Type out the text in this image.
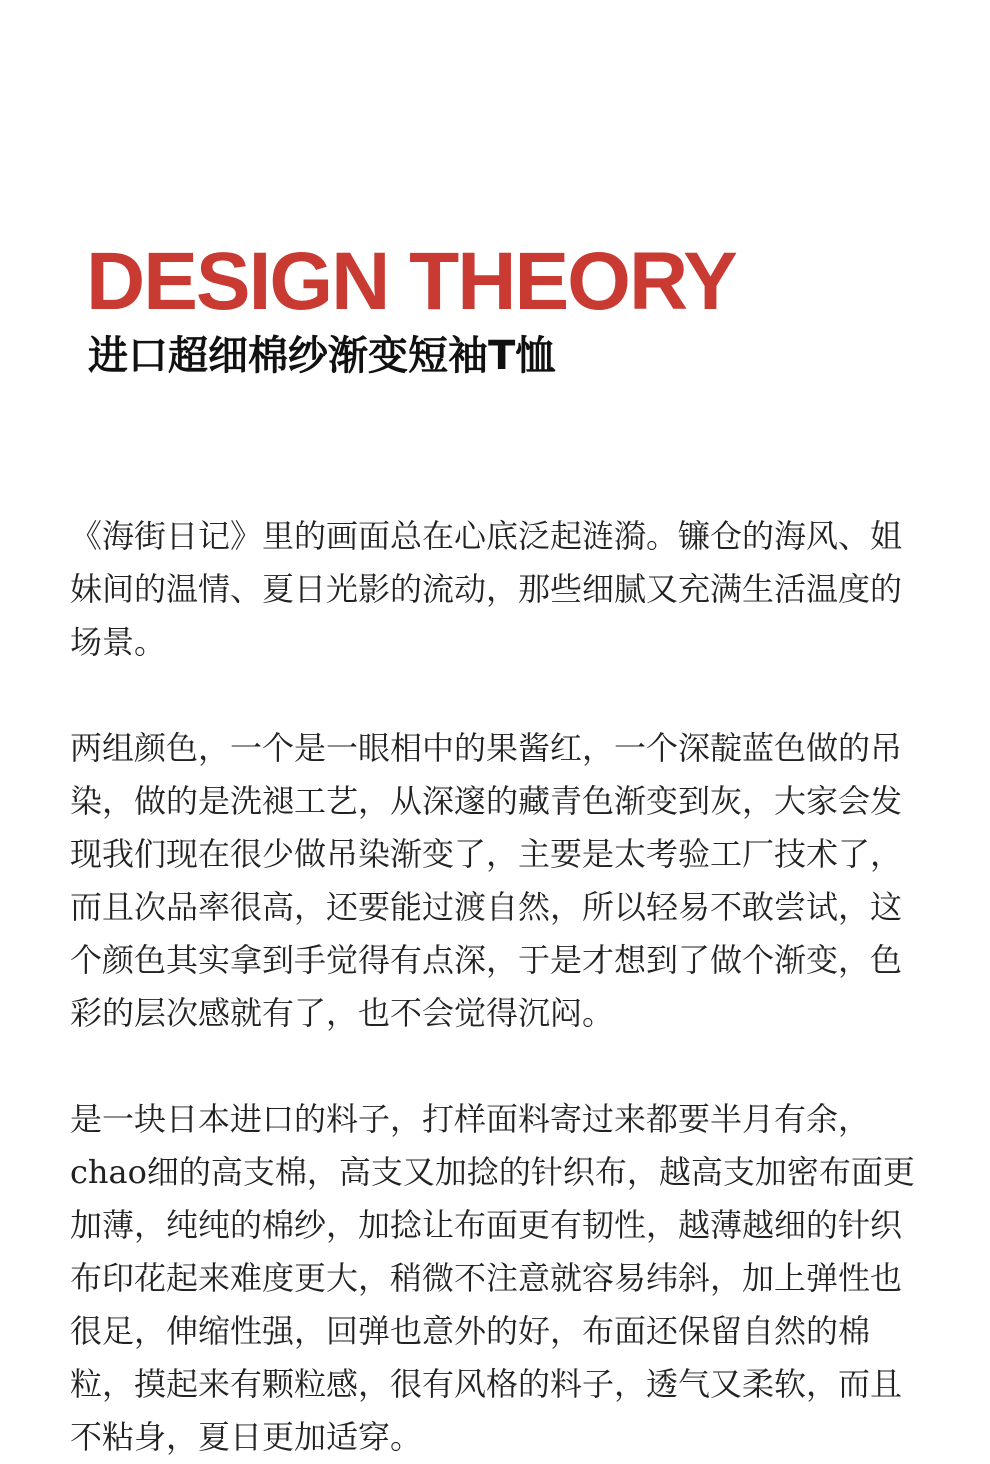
DESIGN THEORY
进口超细棉纱渐变短袖T恤

《海街日记》里的画面总在心底泛起涟漪。镰仓的海风、姐妹间的温情、夏日光影的流动，那些细腻又充满生活温度的场景。

两组颜色，一个是一眼相中的果酱红，一个深靛蓝色做的吊染，做的是洗褪工艺，从深邃的藏青色渐变到灰，大家会发现我们现在很少做吊染渐变了，主要是太考验工厂技术了，而且次品率很高，还要能过渡自然，所以轻易不敢尝试，这个颜色其实拿到手觉得有点深，于是才想到了做个渐变，色彩的层次感就有了，也不会觉得沉闷。

是一块日本进口的料子，打样面料寄过来都要半月有余，chao细的高支棉，高支又加捻的针织布，越高支加密布面更加薄，纯纯的棉纱，加捻让布面更有韧性，越薄越细的针织布印花起来难度更大，稍微不注意就容易纬斜，加上弹性也很足，伸缩性强，回弹也意外的好，布面还保留自然的棉粒，摸起来有颗粒感，很有风格的料子，透气又柔软，而且不粘身，夏日更加适穿。
